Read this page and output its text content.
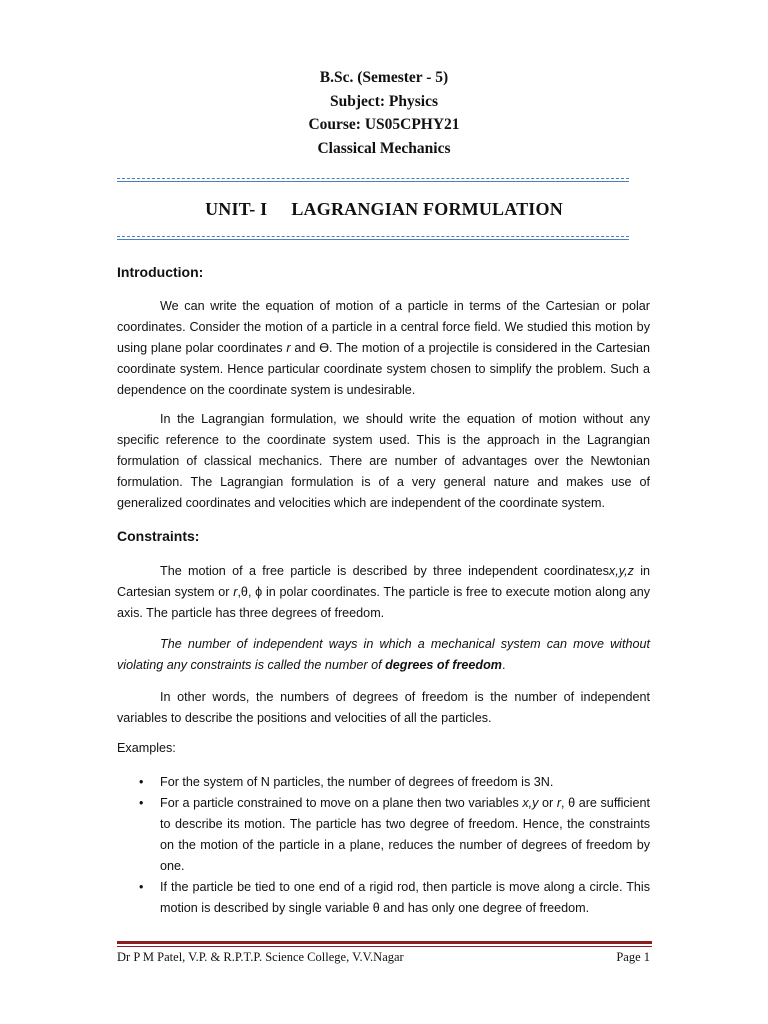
B.Sc. (Semester - 5)
Subject: Physics
Course: US05CPHY21
Classical Mechanics
UNIT- I LAGRANGIAN FORMULATION
Introduction:
We can write the equation of motion of a particle in terms of the Cartesian or polar coordinates. Consider the motion of a particle in a central force field. We studied this motion by using plane polar coordinates r and ϴ. The motion of a projectile is considered in the Cartesian coordinate system. Hence particular coordinate system chosen to simplify the problem. Such a dependence on the coordinate system is undesirable.
In the Lagrangian formulation, we should write the equation of motion without any specific reference to the coordinate system used. This is the approach in the Lagrangian formulation of classical mechanics. There are number of advantages over the Newtonian formulation. The Lagrangian formulation is of a very general nature and makes use of generalized coordinates and velocities which are independent of the coordinate system.
Constraints:
The motion of a free particle is described by three independent coordinatesx,y,z in Cartesian system or r,θ, ϕ in polar coordinates. The particle is free to execute motion along any axis. The particle has three degrees of freedom.
The number of independent ways in which a mechanical system can move without violating any constraints is called the number of degrees of freedom.
In other words, the numbers of degrees of freedom is the number of independent variables to describe the positions and velocities of all the particles.
Examples:
• For the system of N particles, the number of degrees of freedom is 3N.
• For a particle constrained to move on a plane then two variables x,y or r, θ are sufficient to describe its motion. The particle has two degree of freedom. Hence, the constraints on the motion of the particle in a plane, reduces the number of degrees of freedom by one.
• If the particle be tied to one end of a rigid rod, then particle is move along a circle. This motion is described by single variable θ and has only one degree of freedom.
Dr P M Patel, V.P. & R.P.T.P. Science College, V.V.Nagar	Page 1
